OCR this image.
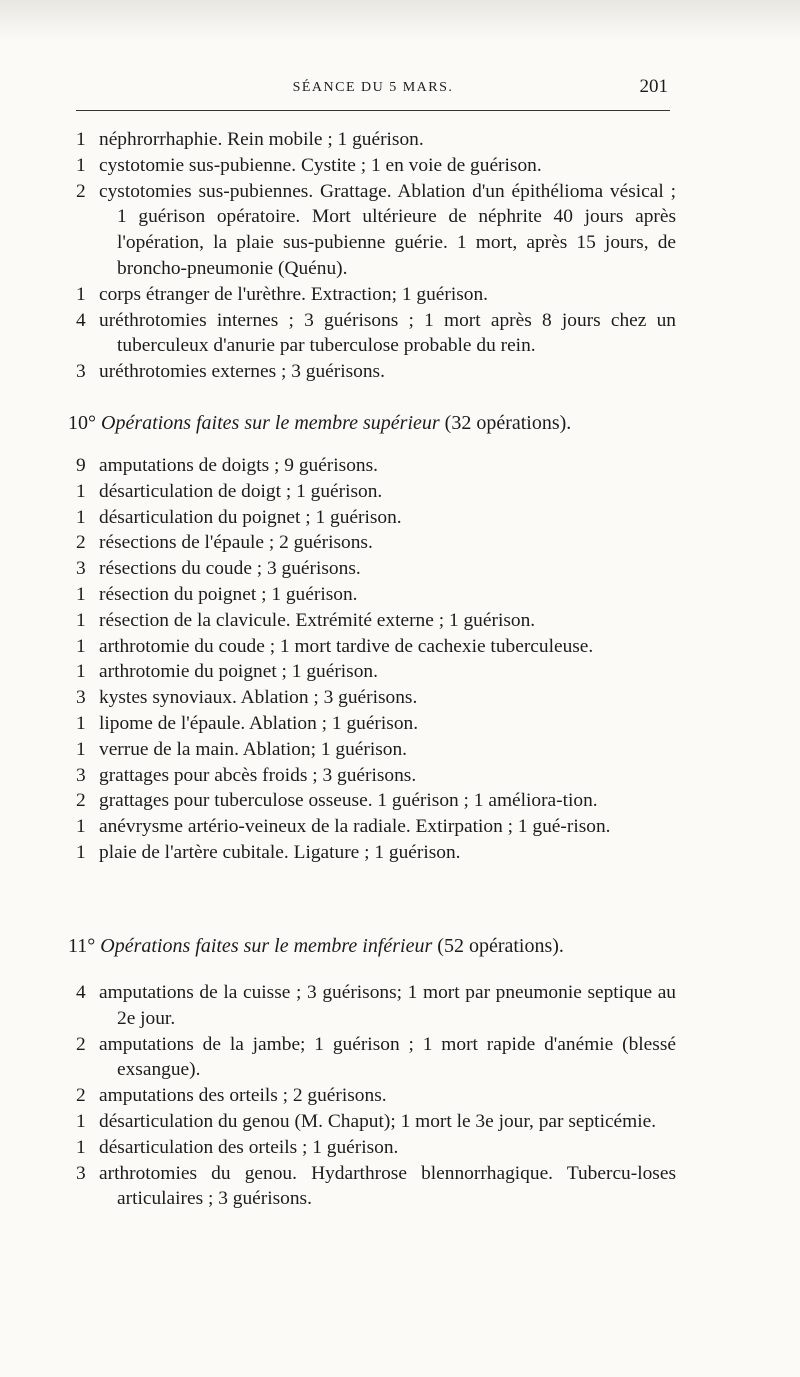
SÉANCE DU 5 MARS.	201
1 néphrorrhaphie. Rein mobile ; 1 guérison.
1 cystotomie sus-pubienne. Cystite ; 1 en voie de guérison.
2 cystotomies sus-pubiennes. Grattage. Ablation d'un épithélioma vésical ; 1 guérison opératoire. Mort ultérieure de néphrite 40 jours après l'opération, la plaie sus-pubienne guérie. 1 mort, après 15 jours, de broncho-pneumonie (Quénu).
1 corps étranger de l'urèthre. Extraction; 1 guérison.
4 uréthrotomies internes ; 3 guérisons ; 1 mort après 8 jours chez un tuberculeux d'anurie par tuberculose probable du rein.
3 uréthrotomies externes ; 3 guérisons.
10° Opérations faites sur le membre supérieur (32 opérations).
9 amputations de doigts ; 9 guérisons.
1 désarticulation de doigt ; 1 guérison.
1 désarticulation du poignet ; 1 guérison.
2 résections de l'épaule ; 2 guérisons.
3 résections du coude ; 3 guérisons.
1 résection du poignet ; 1 guérison.
1 résection de la clavicule. Extrémité externe ; 1 guérison.
1 arthrotomie du coude ; 1 mort tardive de cachexie tuberculeuse.
1 arthrotomie du poignet ; 1 guérison.
3 kystes synoviaux. Ablation ; 3 guérisons.
1 lipome de l'épaule. Ablation ; 1 guérison.
1 verrue de la main. Ablation; 1 guérison.
3 grattages pour abcès froids ; 3 guérisons.
2 grattages pour tuberculose osseuse. 1 guérison ; 1 améliora-tion.
1 anévrysme artério-veineux de la radiale. Extirpation ; 1 gué-rison.
1 plaie de l'artère cubitale. Ligature ; 1 guérison.
11° Opérations faites sur le membre inférieur (52 opérations).
4 amputations de la cuisse ; 3 guérisons; 1 mort par pneumonie septique au 2e jour.
2 amputations de la jambe; 1 guérison ; 1 mort rapide d'anémie (blessé exsangue).
2 amputations des orteils ; 2 guérisons.
1 désarticulation du genou (M. Chaput); 1 mort le 3e jour, par septicémie.
1 désarticulation des orteils ; 1 guérison.
3 arthrotomies du genou. Hydarthrose blennorrhagique. Tubercu-loses articulaires ; 3 guérisons.
